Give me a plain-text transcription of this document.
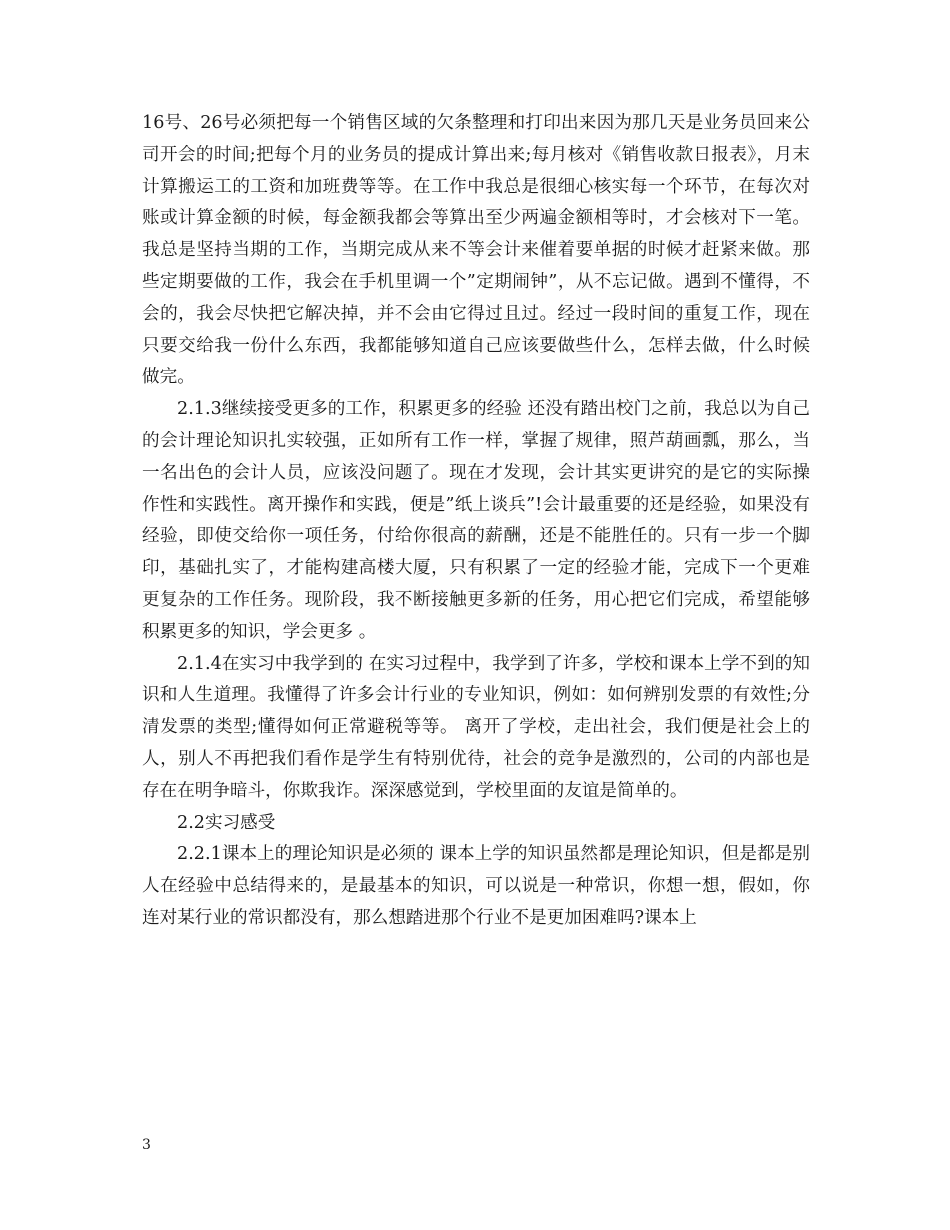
16号、26号必须把每一个销售区域的欠条整理和打印出来因为那几天是业务员回来公司开会的时间;把每个月的业务员的提成计算出来;每月核对《销售收款日报表》，月末计算搬运工的工资和加班费等等。在工作中我总是很细心核实每一个环节，在每次对账或计算金额的时候，每金额我都会等算出至少两遍金额相等时，才会核对下一笔。我总是坚持当期的工作，当期完成从来不等会计来催着要单据的时候才赶紧来做。那些定期要做的工作，我会在手机里调一个”定期闹钟”，从不忘记做。遇到不懂得，不会的，我会尽快把它解决掉，并不会由它得过且过。经过一段时间的重复工作，现在只要交给我一份什么东西，我都能够知道自己应该要做些什么，怎样去做，什么时候做完。

2.1.3继续接受更多的工作，积累更多的经验 还没有踏出校门之前，我总以为自己的会计理论知识扎实较强，正如所有工作一样，掌握了规律，照芦葫画瓢，那么，当一名出色的会计人员，应该没问题了。现在才发现，会计其实更讲究的是它的实际操作性和实践性。离开操作和实践，便是”纸上谈兵”!会计最重要的还是经验，如果没有经验，即使交给你一项任务，付给你很高的薪酬，还是不能胜任的。只有一步一个脚印，基础扎实了，才能构建高楼大厦，只有积累了一定的经验才能，完成下一个更难更复杂的工作任务。现阶段，我不断接触更多新的任务，用心把它们完成，希望能够积累更多的知识，学会更多 。

2.1.4在实习中我学到的 在实习过程中，我学到了许多，学校和课本上学不到的知识和人生道理。我懂得了许多会计行业的专业知识，例如：如何辨别发票的有效性;分清发票的类型;懂得如何正常避税等等。 离开了学校，走出社会，我们便是社会上的人，别人不再把我们看作是学生有特别优待，社会的竞争是激烈的，公司的内部也是存在在明争暗斗，你欺我诈。深深感觉到，学校里面的友谊是简单的。

2.2实习感受

2.2.1课本上的理论知识是必须的 课本上学的知识虽然都是理论知识，但是都是别人在经验中总结得来的，是最基本的知识，可以说是一种常识，你想一想，假如，你连对某行业的常识都没有，那么想踏进那个行业不是更加困难吗?课本上

3
